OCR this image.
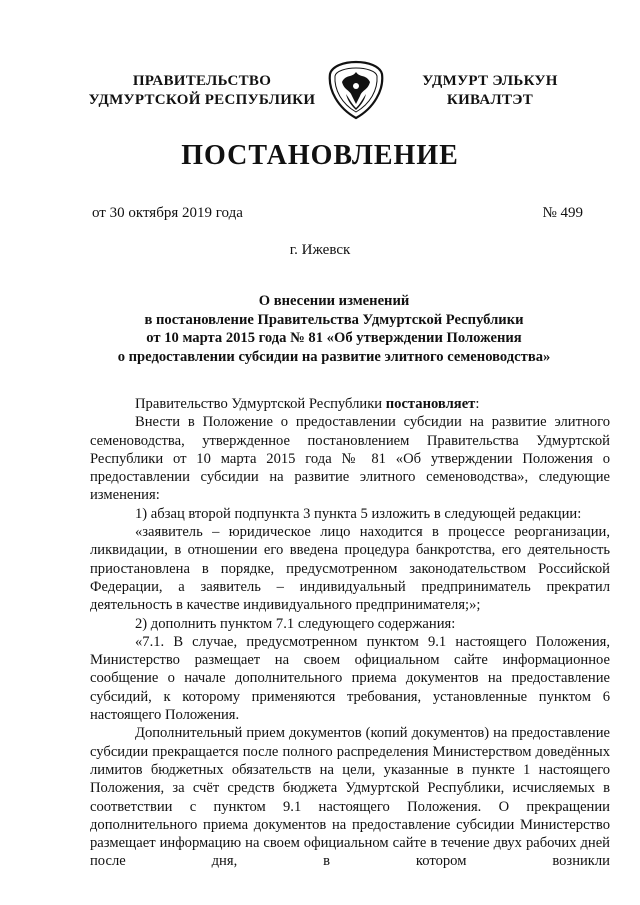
ПРАВИТЕЛЬСТВО
УДМУРТСКОЙ РЕСПУБЛИКИ
УДМУРТ ЭЛЬКУН
КИВАЛТЭТ
ПОСТАНОВЛЕНИЕ
от 30 октября 2019 года	№ 499
г. Ижевск
О внесении изменений
в постановление Правительства Удмуртской Республики
от 10 марта 2015 года № 81 «Об утверждении Положения
о предоставлении субсидии на развитие элитного семеноводства»

Правительство Удмуртской Республики постановляет:

Внести в Положение о предоставлении субсидии на развитие элитного семеноводства, утвержденное постановлением Правительства Удмуртской Республики от 10 марта 2015 года № 81 «Об утверждении Положения о предоставлении субсидии на развитие элитного семеноводства», следующие изменения:

1) абзац второй подпункта 3 пункта 5 изложить в следующей редакции:

«заявитель – юридическое лицо находится в процессе реорганизации, ликвидации, в отношении его введена процедура банкротства, его деятельность приостановлена в порядке, предусмотренном законодательством Российской Федерации, а заявитель – индивидуальный предприниматель прекратил деятельность в качестве индивидуального предпринимателя;»;

2) дополнить пунктом 7.1 следующего содержания:

«7.1. В случае, предусмотренном пунктом 9.1 настоящего Положения, Министерство размещает на своем официальном сайте информационное сообщение о начале дополнительного приема документов на предоставление субсидий, к которому применяются требования, установленные пунктом 6 настоящего Положения.

Дополнительный прием документов (копий документов) на предоставление субсидии прекращается после полного распределения Министерством доведённых лимитов бюджетных обязательств на цели, указанные в пункте 1 настоящего Положения, за счёт средств бюджета Удмуртской Республики, исчисляемых в соответствии с пунктом 9.1 настоящего Положения. О прекращении дополнительного приема документов на предоставление субсидии Министерство размещает информацию на своем официальном сайте в течение двух рабочих дней после дня, в котором возникли
